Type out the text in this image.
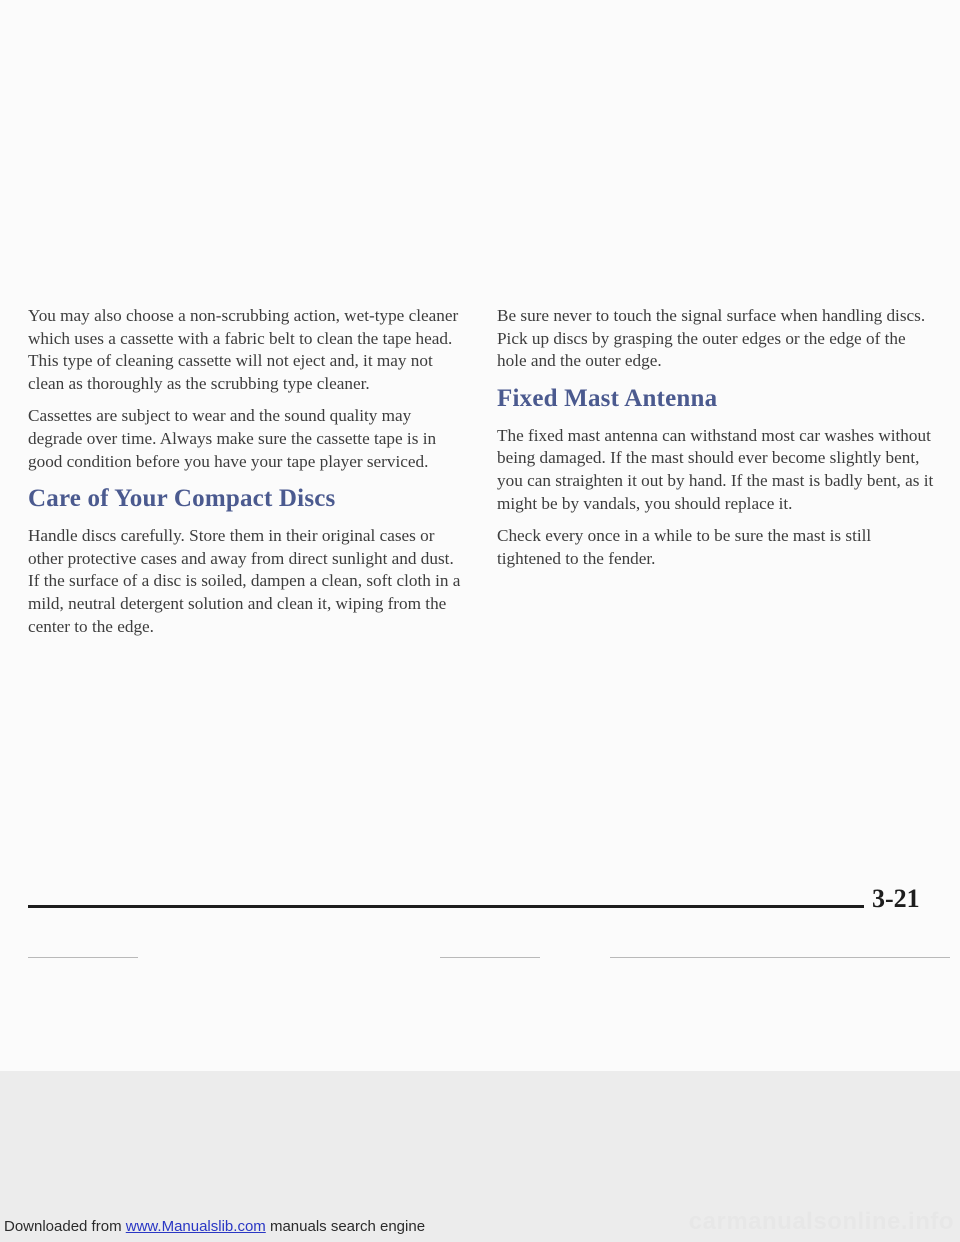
You may also choose a non-scrubbing action, wet-type cleaner which uses a cassette with a fabric belt to clean the tape head. This type of cleaning cassette will not eject and, it may not clean as thoroughly as the scrubbing type cleaner.

Cassettes are subject to wear and the sound quality may degrade over time. Always make sure the cassette tape is in good condition before you have your tape player serviced.

Care of Your Compact Discs

Handle discs carefully. Store them in their original cases or other protective cases and away from direct sunlight and dust. If the surface of a disc is soiled, dampen a clean, soft cloth in a mild, neutral detergent solution and clean it, wiping from the center to the edge.

Be sure never to touch the signal surface when handling discs. Pick up discs by grasping the outer edges or the edge of the hole and the outer edge.

Fixed Mast Antenna

The fixed mast antenna can withstand most car washes without being damaged. If the mast should ever become slightly bent, you can straighten it out by hand. If the mast is badly bent, as it might be by vandals, you should replace it.

Check every once in a while to be sure the mast is still tightened to the fender.

3-21
carmanualsonline.info
Downloaded from www.Manualslib.com manuals search engine
